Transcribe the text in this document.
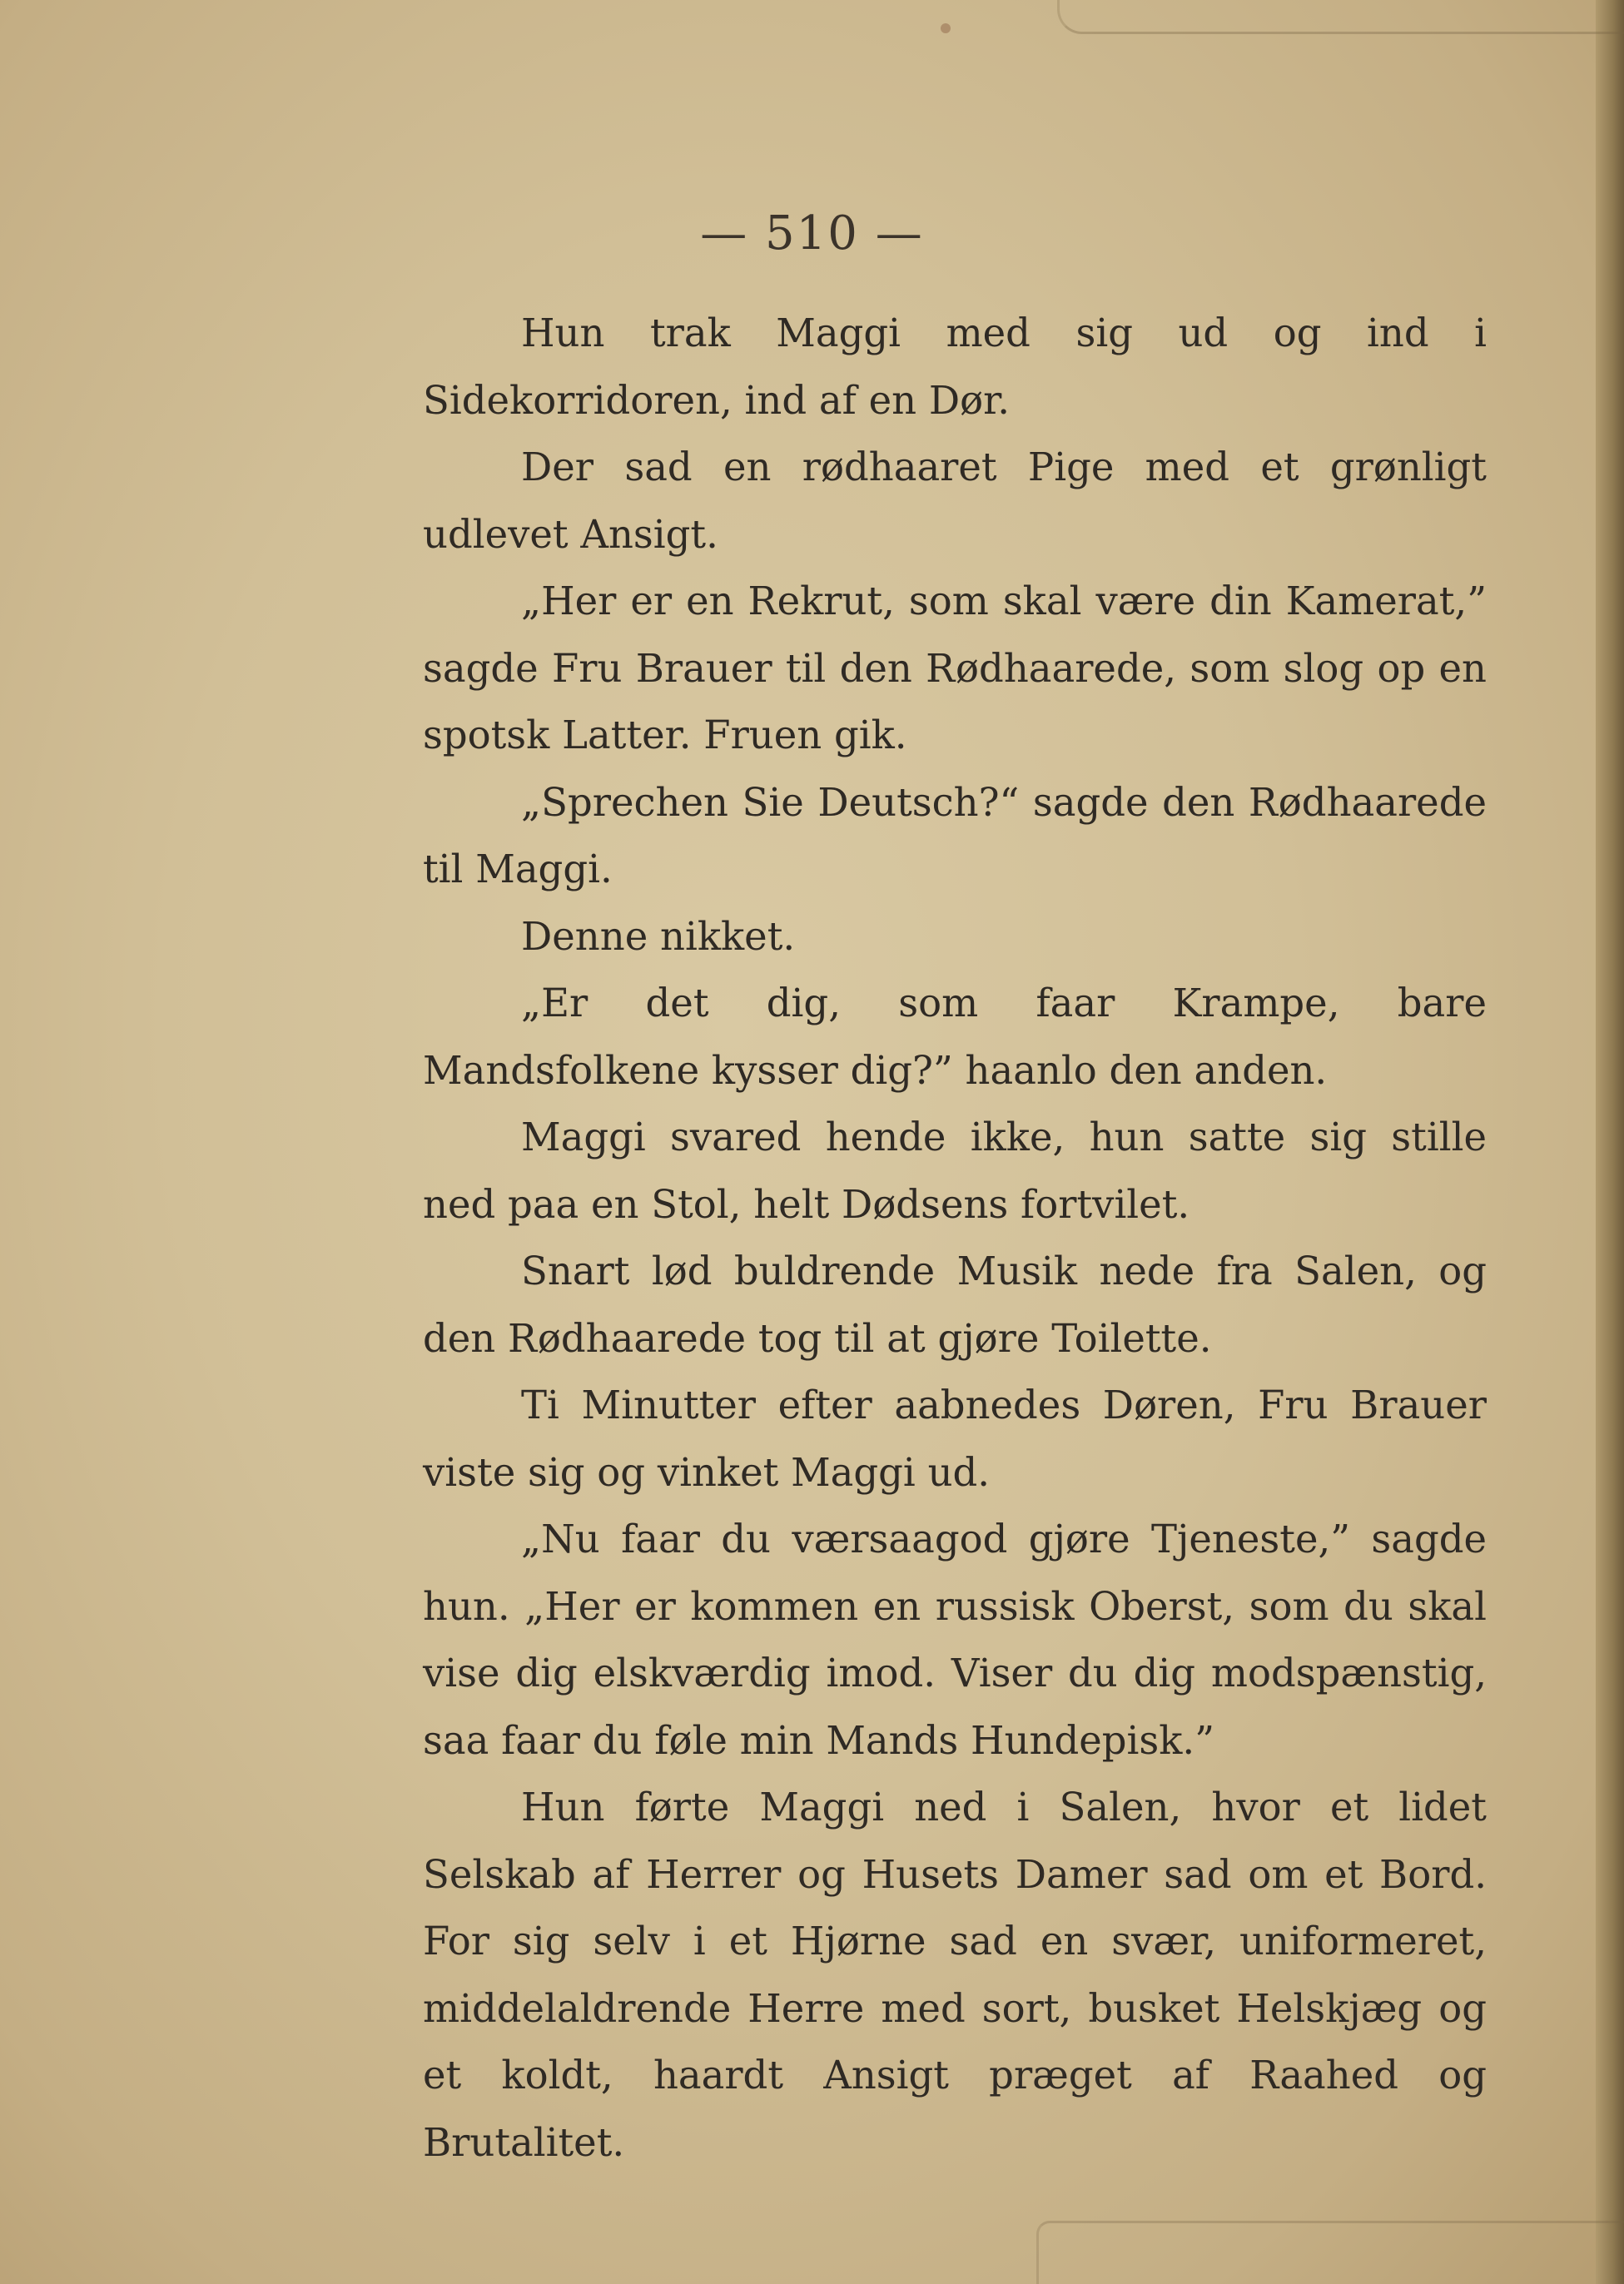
— 510 —

Hun trak Maggi med sig ud og ind i Sidekorridoren, ind af en Dør.

Der sad en rødhaaret Pige med et grønligt udlevet Ansigt.

„Her er en Rekrut, som skal være din Kamerat,” sagde Fru Brauer til den Rødhaarede, som slog op en spotsk Latter. Fruen gik.

„Sprechen Sie Deutsch?“ sagde den Rødhaarede til Maggi.

Denne nikket.

„Er det dig, som faar Krampe, bare Mandsfolkene kysser dig?” haanlo den anden.

Maggi svared hende ikke, hun satte sig stille ned paa en Stol, helt Dødsens fortvilet.

Snart lød buldrende Musik nede fra Salen, og den Rødhaarede tog til at gjøre Toilette.

Ti Minutter efter aabnedes Døren, Fru Brauer viste sig og vinket Maggi ud.

„Nu faar du værsaagod gjøre Tjeneste,” sagde hun. „Her er kommen en russisk Oberst, som du skal vise dig elskværdig imod. Viser du dig modspænstig, saa faar du føle min Mands Hundepisk.”

Hun førte Maggi ned i Salen, hvor et lidet Selskab af Herrer og Husets Damer sad om et Bord. For sig selv i et Hjørne sad en svær, uniformeret, middelaldrende Herre med sort, busket Helskjæg og et koldt, haardt Ansigt præget af Raahed og Brutalitet.
